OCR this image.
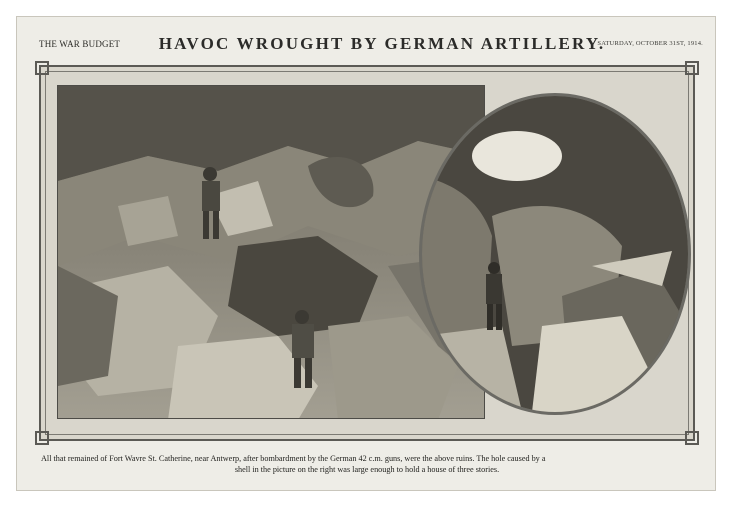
THE WAR BUDGET	HAVOC WROUGHT BY GERMAN ARTILLERY.
SATURDAY, OCTOBER 31ST, 1914.
All that remained of Fort Wavre St. Catherine, near Antwerp, after bombardment by the German 42 c.m. guns, were the above ruins. The hole caused by a
shell in the picture on the right was large enough to hold a house of three stories.
